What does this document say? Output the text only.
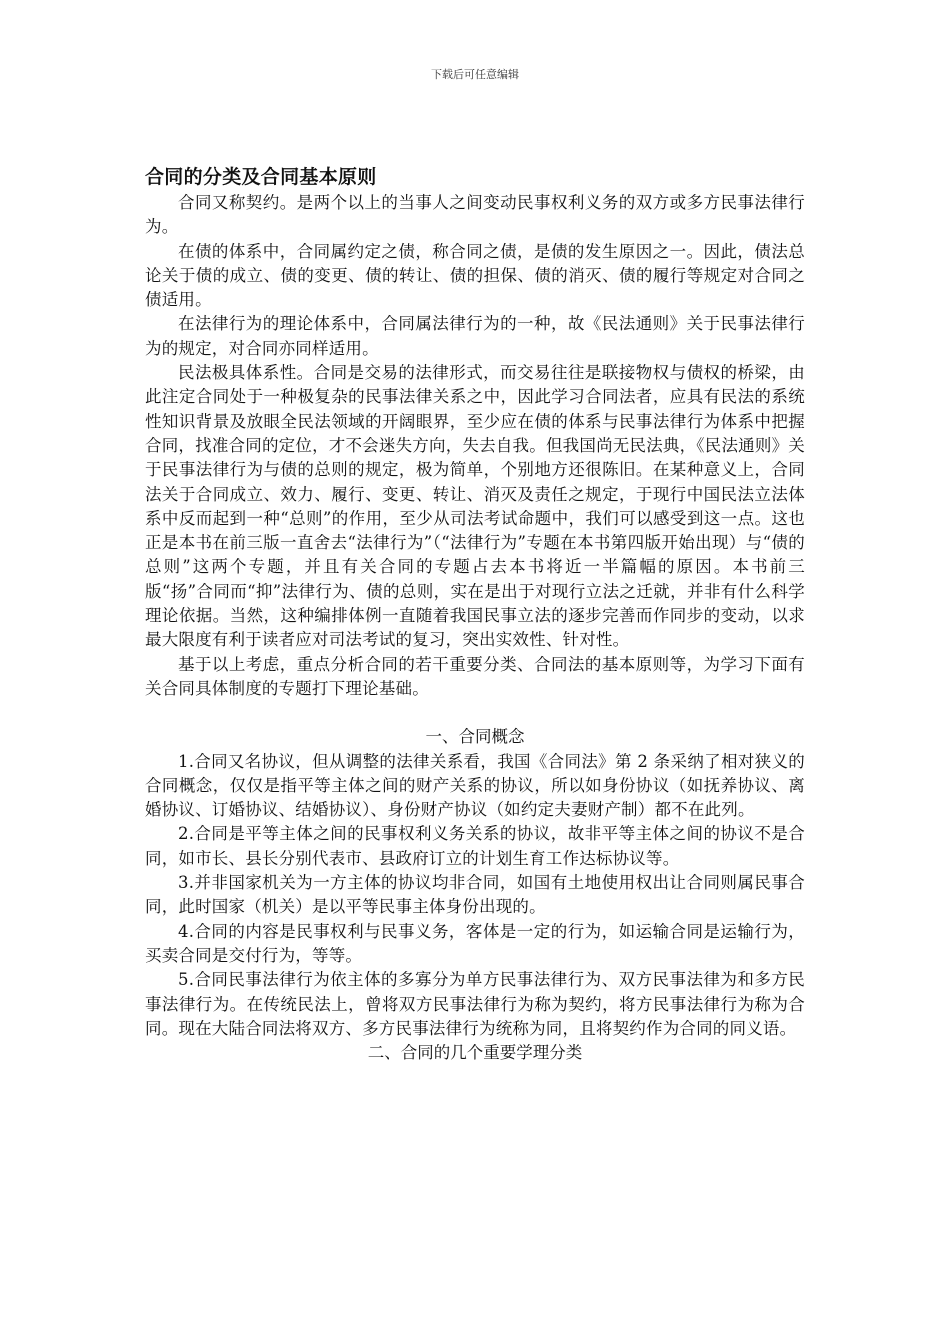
下载后可任意编辑
合同的分类及合同基本原则

合同又称契约。是两个以上的当事人之间变动民事权利义务的双方或多方民事法律行为。

在债的体系中，合同属约定之债，称合同之债，是债的发生原因之一。因此，债法总论关于债的成立、债的变更、债的转让、债的担保、债的消灭、债的履行等规定对合同之债适用。

在法律行为的理论体系中，合同属法律行为的一种，故《民法通则》关于民事法律行为的规定，对合同亦同样适用。

民法极具体系性。合同是交易的法律形式，而交易往往是联接物权与债权的桥梁，由此注定合同处于一种极复杂的民事法律关系之中，因此学习合同法者，应具有民法的系统性知识背景及放眼全民法领域的开阔眼界，至少应在债的体系与民事法律行为体系中把握合同，找准合同的定位，才不会迷失方向，失去自我。但我国尚无民法典，《民法通则》关于民事法律行为与债的总则的规定，极为简单，个别地方还很陈旧。在某种意义上，合同法关于合同成立、效力、履行、变更、转让、消灭及责任之规定，于现行中国民法立法体系中反而起到一种“总则”的作用，至少从司法考试命题中，我们可以感受到这一点。这也正是本书在前三版一直舍去“法律行为”（“法律行为”专题在本书第四版开始出现）与“债的总则”这两个专题，并且有关合同的专题占去本书将近一半篇幅的原因。本书前三版“扬”合同而“抑”法律行为、债的总则，实在是出于对现行立法之迁就，并非有什么科学理论依据。当然，这种编排体例一直随着我国民事立法的逐步完善而作同步的变动，以求最大限度有利于读者应对司法考试的复习，突出实效性、针对性。

基于以上考虑，重点分析合同的若干重要分类、合同法的基本原则等，为学习下面有关合同具体制度的专题打下理论基础。

一、合同概念

1.合同又名协议，但从调整的法律关系看，我国《合同法》第 2 条采纳了相对狭义的合同概念，仅仅是指平等主体之间的财产关系的协议，所以如身份协议（如抚养协议、离婚协议、订婚协议、结婚协议）、身份财产协议（如约定夫妻财产制）都不在此列。

2.合同是平等主体之间的民事权利义务关系的协议，故非平等主体之间的协议不是合同，如市长、县长分别代表市、县政府订立的计划生育工作达标协议等。

3.并非国家机关为一方主体的协议均非合同，如国有土地使用权出让合同则属民事合同，此时国家（机关）是以平等民事主体身份出现的。

4.合同的内容是民事权利与民事义务，客体是一定的行为，如运输合同是运输行为，买卖合同是交付行为，等等。

5.合同民事法律行为依主体的多寡分为单方民事法律行为、双方民事法律为和多方民事法律行为。在传统民法上，曾将双方民事法律行为称为契约，将方民事法律行为称为合同。现在大陆合同法将双方、多方民事法律行为统称为同，且将契约作为合同的同义语。

二、合同的几个重要学理分类
